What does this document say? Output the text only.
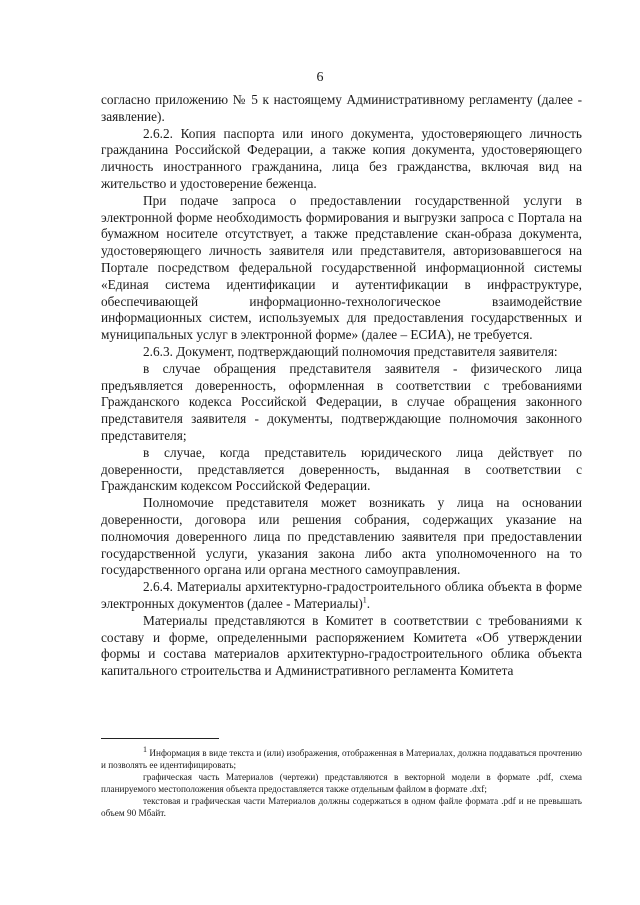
6

согласно приложению № 5 к настоящему Административному регламенту (далее - заявление).

2.6.2. Копия паспорта или иного документа, удостоверяющего личность гражданина Российской Федерации, а также копия документа, удостоверяющего личность иностранного гражданина, лица без гражданства, включая вид на жительство и удостоверение беженца.

При подаче запроса о предоставлении государственной услуги в электронной форме необходимость формирования и выгрузки запроса с Портала на бумажном носителе отсутствует, а также представление скан-образа документа, удостоверяющего личность заявителя или представителя, авторизовавшегося на Портале посредством федеральной государственной информационной системы «Единая система идентификации и аутентификации в инфраструктуре, обеспечивающей информационно-технологическое взаимодействие информационных систем, используемых для предоставления государственных и муниципальных услуг в электронной форме» (далее – ЕСИА), не требуется.

2.6.3. Документ, подтверждающий полномочия представителя заявителя:

в случае обращения представителя заявителя - физического лица предъявляется доверенность, оформленная в соответствии с требованиями Гражданского кодекса Российской Федерации, в случае обращения законного представителя заявителя - документы, подтверждающие полномочия законного представителя;

в случае, когда представитель юридического лица действует по доверенности, представляется доверенность, выданная в соответствии с Гражданским кодексом Российской Федерации.

Полномочие представителя может возникать у лица на основании доверенности, договора или решения собрания, содержащих указание на полномочия доверенного лица по представлению заявителя при предоставлении государственной услуги, указания закона либо акта уполномоченного на то государственного органа или органа местного самоуправления.

2.6.4. Материалы архитектурно-градостроительного облика объекта в форме электронных документов (далее - Материалы)$^1$.

Материалы представляются в Комитет в соответствии с требованиями к составу и форме, определенными распоряжением Комитета «Об утверждении формы и состава материалов архитектурно-градостроительного облика объекта капитального строительства и Административного регламента Комитета

$^1$ Информация в виде текста и (или) изображения, отображенная в Материалах, должна поддаваться прочтению и позволять ее идентифицировать;

графическая часть Материалов (чертежи) представляются в векторной модели в формате .pdf, схема планируемого местоположения объекта предоставляется также отдельным файлом в формате .dxf;

текстовая и графическая части Материалов должны содержаться в одном файле формата .pdf и не превышать объем 90 Мбайт.
